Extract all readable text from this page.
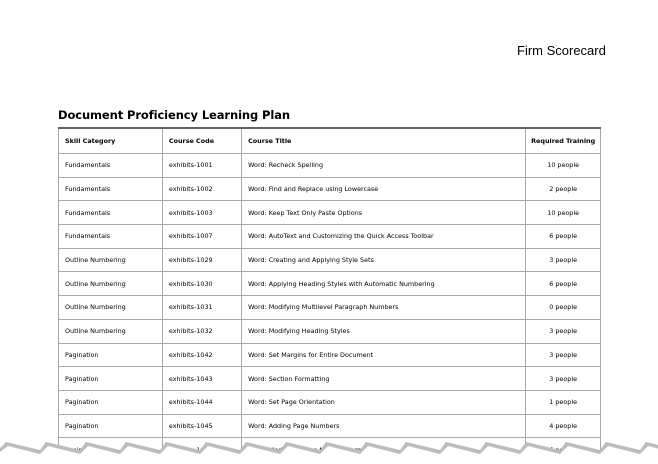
Firm Scorecard
Document Proficiency Learning Plan
Skill Category	Course Code	Course Title	Required Training
Fundamentals	exhibits-1001	Word: Recheck Spelling	10 people
Fundamentals	exhibits-1002	Word: Find and Replace using Lowercase	2 people
Fundamentals	exhibits-1003	Word: Keep Text Only Paste Options	10 people
Fundamentals	exhibits-1007	Word: AutoText and Customizing the Quick Access Toolbar	6 people
Outline Numbering	exhibits-1029	Word: Creating and Applying Style Sets	3 people
Outline Numbering	exhibits-1030	Word: Applying Heading Styles with Automatic Numbering	6 people
Outline Numbering	exhibits-1031	Word: Modifying Multilevel Paragraph Numbers	0 people
Outline Numbering	exhibits-1032	Word: Modifying Heading Styles	3 people
Pagination	exhibits-1042	Word: Set Margins for Entire Document	3 people
Pagination	exhibits-1043	Word: Section Formatting	3 people
Pagination	exhibits-1044	Word: Set Page Orientation	1 people
Pagination	exhibits-1045	Word: Adding Page Numbers	4 people
